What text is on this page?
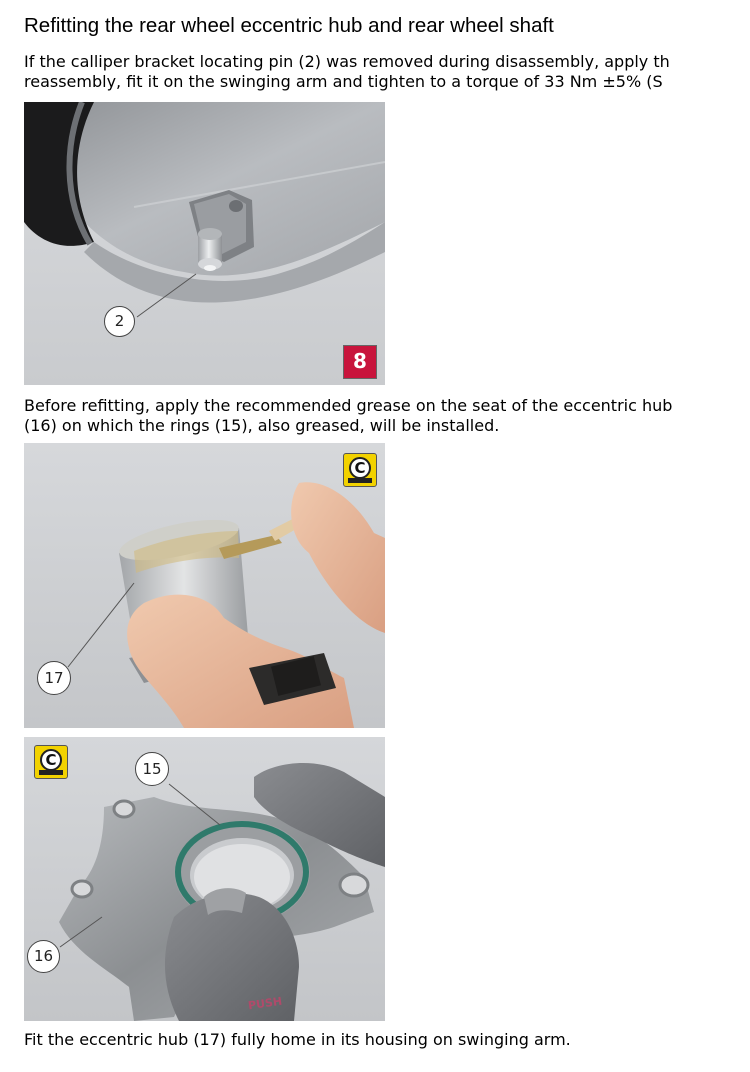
Refitting the rear wheel eccentric hub and rear wheel shaft

If the calliper bracket locating pin (2) was removed during disassembly, apply th
reassembly, fit it on the swinging arm and tighten to a torque of 33 Nm ±5% (S

2
8

Before refitting, apply the recommended grease on the seat of the eccentric hub
(16) on which the rings (15), also greased, will be installed.

17
C
15
16
C
PUSH

Fit the eccentric hub (17) fully home in its housing on swinging arm.
